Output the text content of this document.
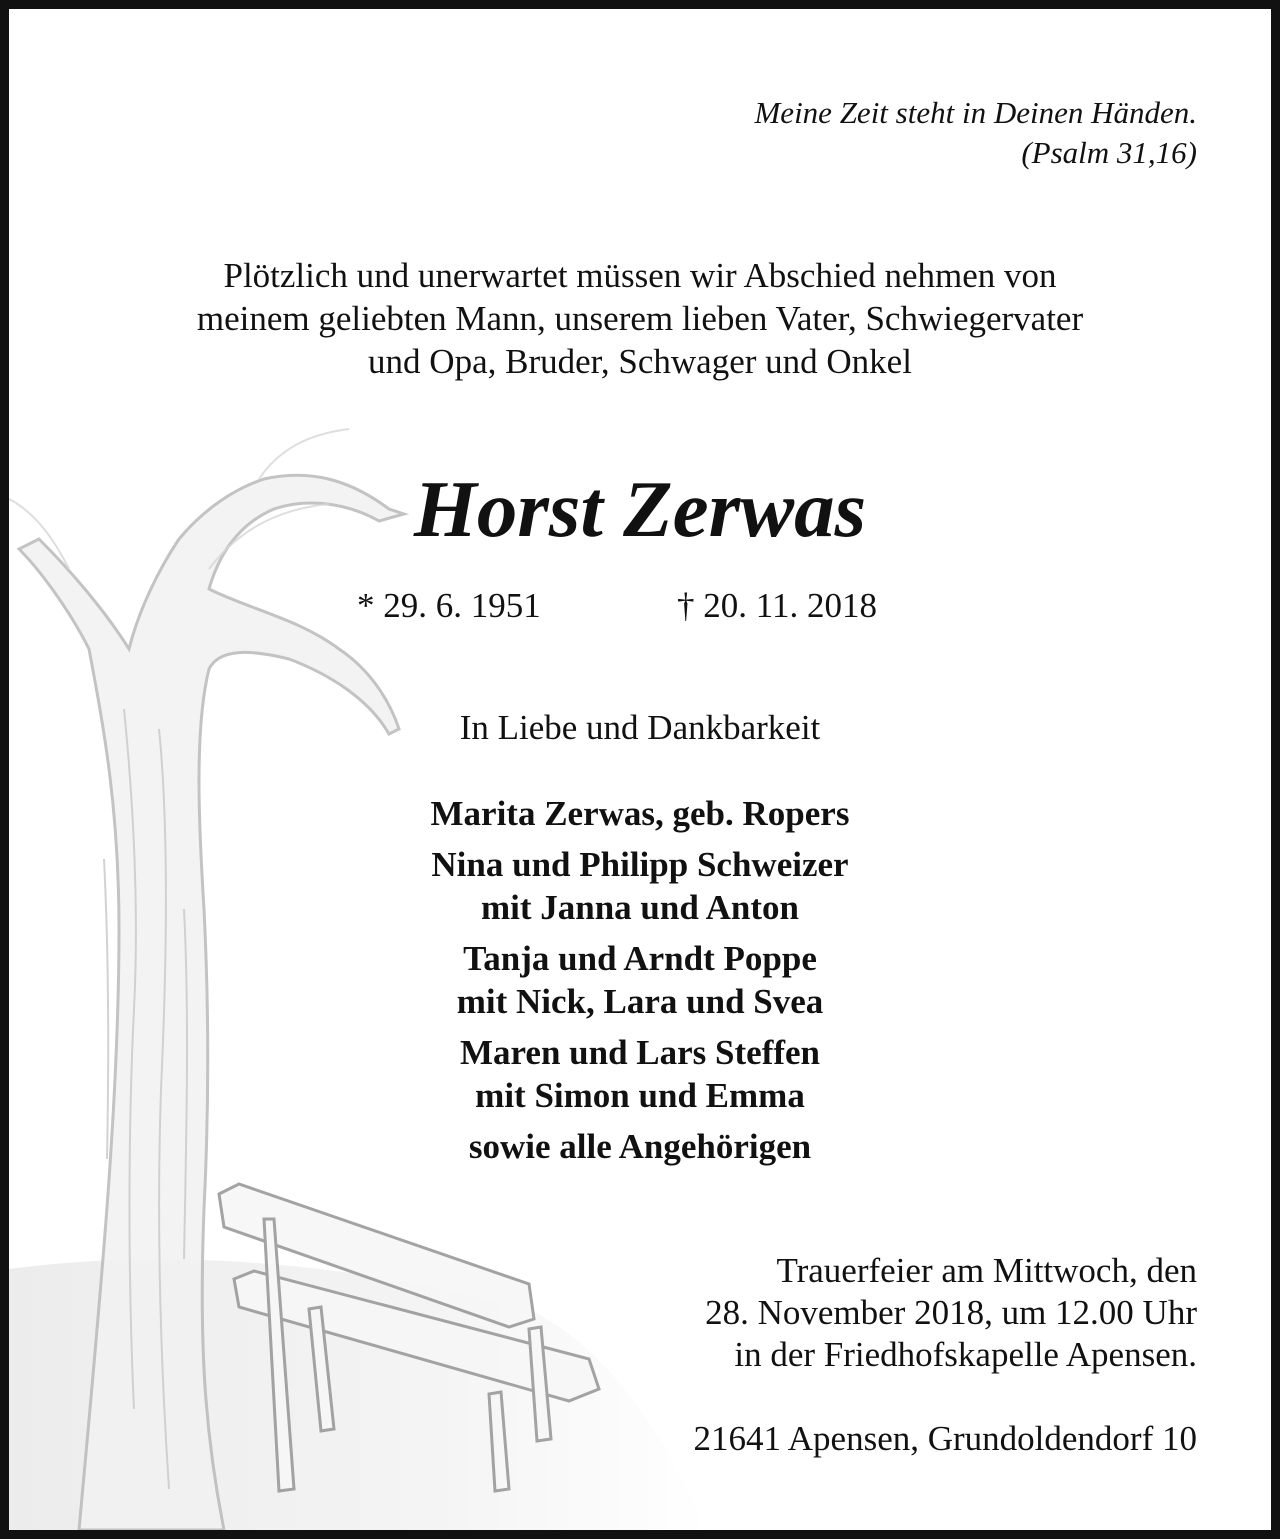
Meine Zeit steht in Deinen Händen.
(Psalm 31,16)
Plötzlich und unerwartet müssen wir Abschied nehmen von
meinem geliebten Mann, unserem lieben Vater, Schwiegervater
und Opa, Bruder, Schwager und Onkel
Horst Zerwas
* 29. 6. 1951	† 20. 11. 2018
In Liebe und Dankbarkeit
Marita Zerwas, geb. Ropers
Nina und Philipp Schweizer
mit Janna und Anton
Tanja und Arndt Poppe
mit Nick, Lara und Svea
Maren und Lars Steffen
mit Simon und Emma
sowie alle Angehörigen
Trauerfeier am Mittwoch, den
28. November 2018, um 12.00 Uhr
in der Friedhofskapelle Apensen.
21641 Apensen, Grundoldendorf 10
